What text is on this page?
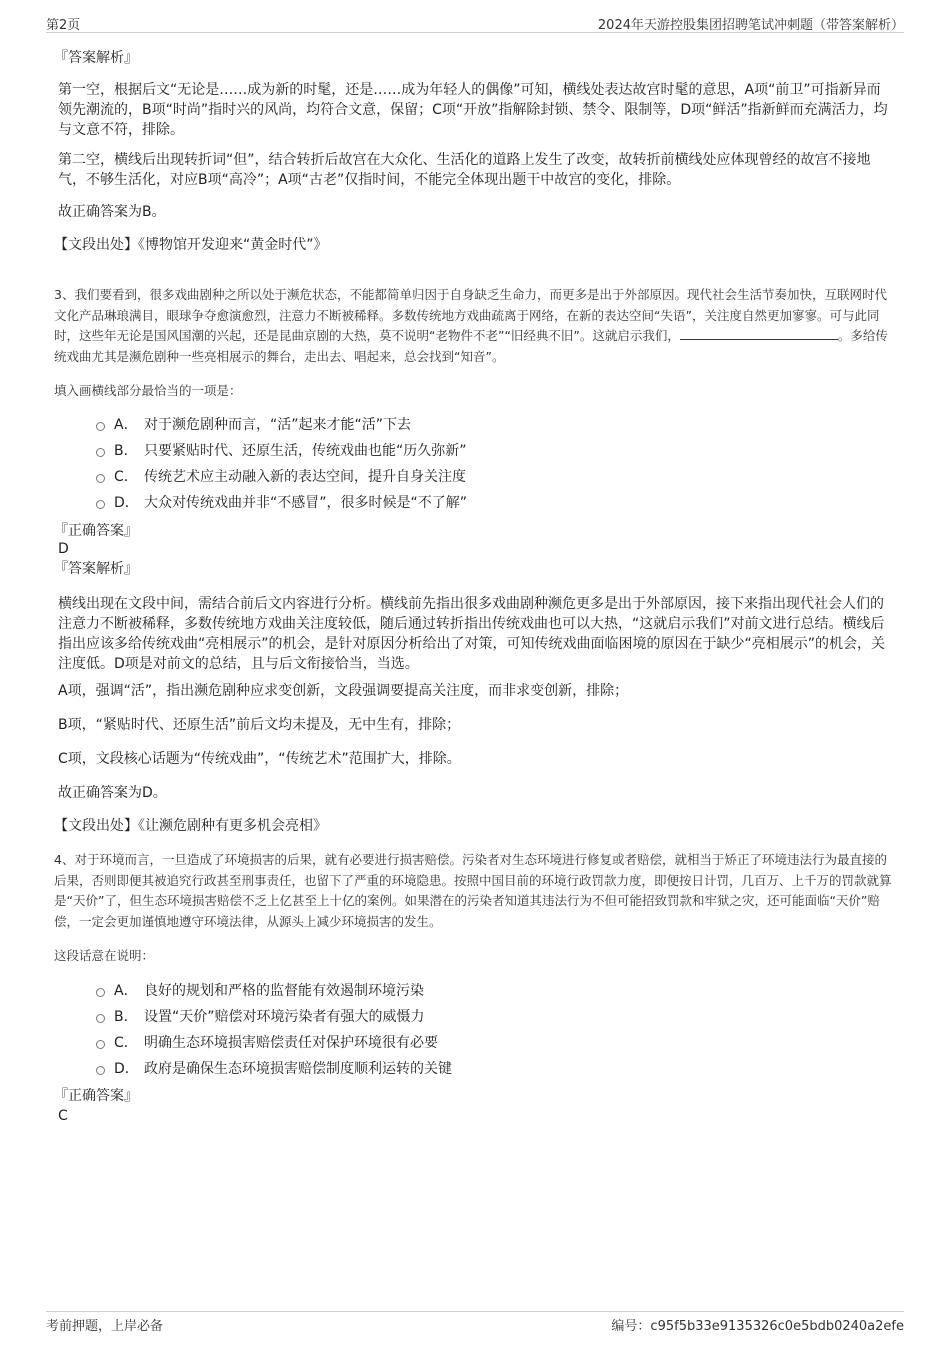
第2页	2024年天游控股集团招聘笔试冲刺题（带答案解析）
『答案解析』
第一空，根据后文“无论是……成为新的时髦，还是……成为年轻人的偶像”可知，横线处表达故宫时髦的意思，A项“前卫”可指新异而领先潮流的，B项“时尚”指时兴的风尚，均符合文意，保留；C项“开放”指解除封锁、禁令、限制等，D项“鲜活”指新鲜而充满活力，均与文意不符，排除。
第二空，横线后出现转折词“但”，结合转折后故宫在大众化、生活化的道路上发生了改变，故转折前横线处应体现曾经的故宫不接地气，不够生活化，对应B项“高冷”；A项“古老”仅指时间，不能完全体现出题干中故宫的变化，排除。
故正确答案为B。
【文段出处】《博物馆开发迎来“黄金时代”》
3、我们要看到，很多戏曲剧种之所以处于濒危状态，不能都简单归因于自身缺乏生命力，而更多是出于外部原因。现代社会生活节奏加快，互联网时代文化产品琳琅满目，眼球争夺愈演愈烈，注意力不断被稀释。多数传统地方戏曲疏离于网络，在新的表达空间“失语”，关注度自然更加寥寥。可与此同时，这些年无论是国风国潮的兴起，还是昆曲京剧的大热，莫不说明“老物件不老”“旧经典不旧”。这就启示我们，	。多给传统戏曲尤其是濒危剧种一些亮相展示的舞台，走出去、唱起来，总会找到“知音”。
填入画横线部分最恰当的一项是：
A． 对于濒危剧种而言，“活”起来才能“活”下去
B． 只要紧贴时代、还原生活，传统戏曲也能“历久弥新”
C． 传统艺术应主动融入新的表达空间，提升自身关注度
D． 大众对传统戏曲并非“不感冒”，很多时候是“不了解”
『正确答案』
D
『答案解析』
横线出现在文段中间，需结合前后文内容进行分析。横线前先指出很多戏曲剧种濒危更多是出于外部原因，接下来指出现代社会人们的注意力不断被稀释，多数传统地方戏曲关注度较低，随后通过转折指出传统戏曲也可以大热，“这就启示我们”对前文进行总结。横线后指出应该多给传统戏曲“亮相展示”的机会，是针对原因分析给出了对策，可知传统戏曲面临困境的原因在于缺少“亮相展示”的机会，关注度低。D项是对前文的总结，且与后文衔接恰当，当选。
A项，强调“活”，指出濒危剧种应求变创新，文段强调要提高关注度，而非求变创新，排除；
B项，“紧贴时代、还原生活”前后文均未提及，无中生有，排除；
C项，文段核心话题为“传统戏曲”，“传统艺术”范围扩大，排除。
故正确答案为D。
【文段出处】《让濒危剧种有更多机会亮相》
4、对于环境而言，一旦造成了环境损害的后果，就有必要进行损害赔偿。污染者对生态环境进行修复或者赔偿，就相当于矫正了环境违法行为最直接的后果，否则即便其被追究行政甚至刑事责任，也留下了严重的环境隐患。按照中国目前的环境行政罚款力度，即便按日计罚，几百万、上千万的罚款就算是“天价”了，但生态环境损害赔偿不乏上亿甚至上十亿的案例。如果潜在的污染者知道其违法行为不但可能招致罚款和牢狱之灾，还可能面临“天价”赔偿，一定会更加谨慎地遵守环境法律，从源头上减少环境损害的发生。
这段话意在说明：
A． 良好的规划和严格的监督能有效遏制环境污染
B． 设置“天价”赔偿对环境污染者有强大的威慑力
C． 明确生态环境损害赔偿责任对保护环境很有必要
D． 政府是确保生态环境损害赔偿制度顺利运转的关键
『正确答案』
C
考前押题，上岸必备	编号：c95f5b33e9135326c0e5bdb0240a2efe
